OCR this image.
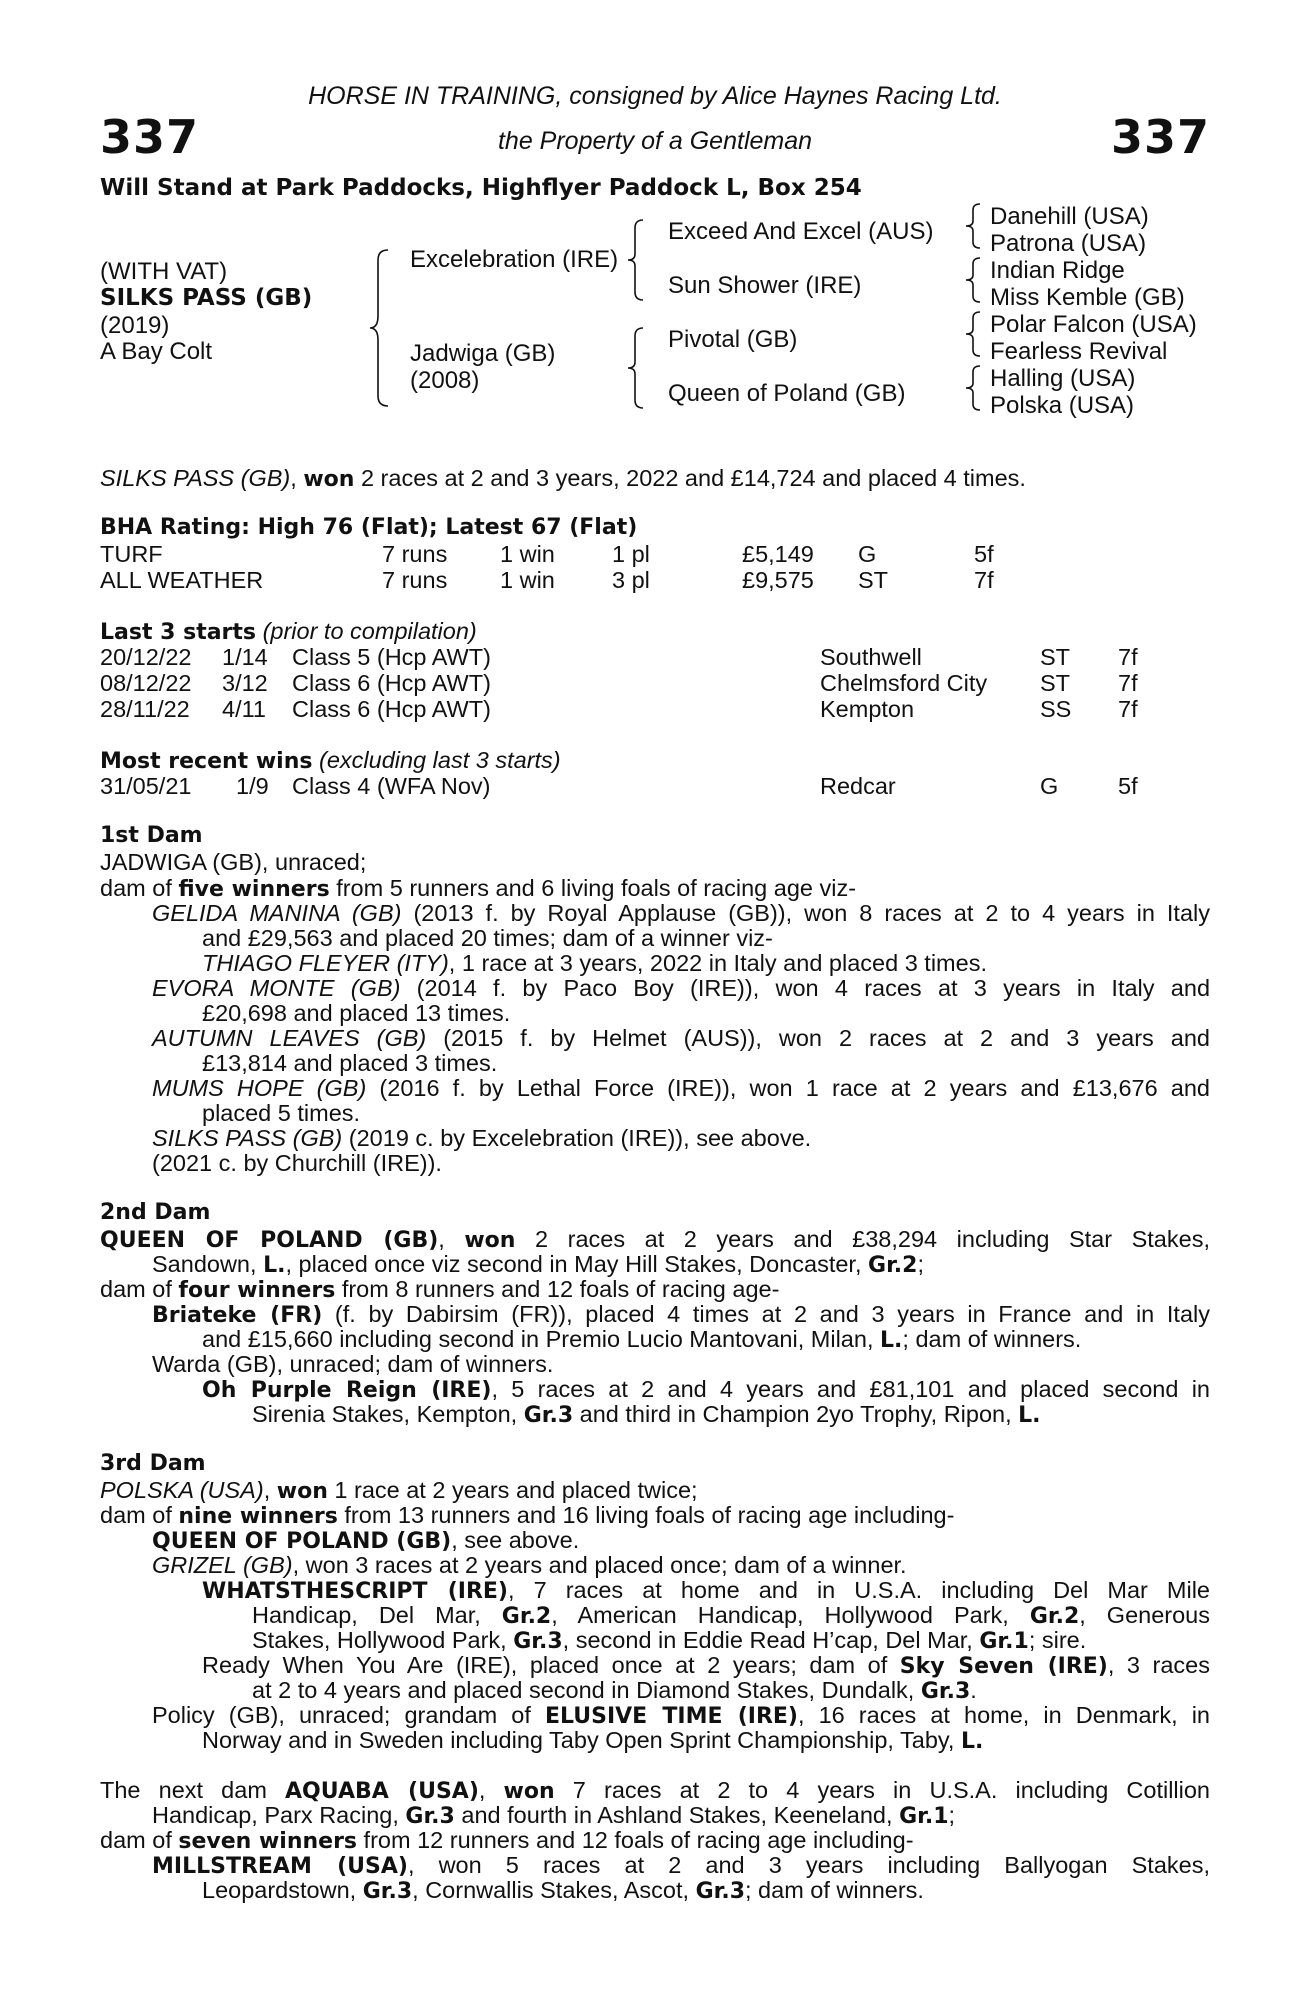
337	337
HORSE IN TRAINING, consigned by Alice Haynes Racing Ltd.
the Property of a Gentleman
Will Stand at Park Paddocks, Highflyer Paddock L, Box 254
(WITH VAT)
SILKS PASS (GB)
(2019)
A Bay Colt
Excelebration (IRE)
Jadwiga (GB)
(2008)
Exceed And Excel (AUS)
Sun Shower (IRE)
Pivotal (GB)
Queen of Poland (GB)
Danehill (USA)
Patrona (USA)
Indian Ridge
Miss Kemble (GB)
Polar Falcon (USA)
Fearless Revival
Halling (USA)
Polska (USA)
SILKS PASS (GB), won 2 races at 2 and 3 years, 2022 and £14,724 and placed 4 times.
BHA Rating: High 76 (Flat); Latest 67 (Flat)
TURF	7 runs 1 win 1 pl	£5,149 G	5f
ALL WEATHER	7 runs 1 win 3 pl	£9,575 ST	7f
Last 3 starts (prior to compilation)
20/12/22 1/14 Class 5 (Hcp AWT)	Southwell	ST 7f
08/12/22 3/12 Class 6 (Hcp AWT)	Chelmsford City ST 7f
28/11/22 4/11 Class 6 (Hcp AWT)	Kempton	SS 7f
Most recent wins (excluding last 3 starts)
31/05/21 1/9 Class 4 (WFA Nov)	Redcar	G	5f
1st Dam
JADWIGA (GB), unraced;
dam of five winners from 5 runners and 6 living foals of racing age viz-
GELIDA MANINA (GB) (2013 f. by Royal Applause (GB)), won 8 races at 2 to 4 years in Italy
and £29,563 and placed 20 times; dam of a winner viz-
THIAGO FLEYER (ITY), 1 race at 3 years, 2022 in Italy and placed 3 times.
EVORA MONTE (GB) (2014 f. by Paco Boy (IRE)), won 4 races at 3 years in Italy and
£20,698 and placed 13 times.
AUTUMN LEAVES (GB) (2015 f. by Helmet (AUS)), won 2 races at 2 and 3 years and
£13,814 and placed 3 times.
MUMS HOPE (GB) (2016 f. by Lethal Force (IRE)), won 1 race at 2 years and £13,676 and
placed 5 times.
SILKS PASS (GB) (2019 c. by Excelebration (IRE)), see above.
(2021 c. by Churchill (IRE)).
2nd Dam
QUEEN OF POLAND (GB), won 2 races at 2 years and £38,294 including Star Stakes,
Sandown, L., placed once viz second in May Hill Stakes, Doncaster, Gr.2;
dam of four winners from 8 runners and 12 foals of racing age-
Briateke (FR) (f. by Dabirsim (FR)), placed 4 times at 2 and 3 years in France and in Italy
and £15,660 including second in Premio Lucio Mantovani, Milan, L.; dam of winners.
Warda (GB), unraced; dam of winners.
Oh Purple Reign (IRE), 5 races at 2 and 4 years and £81,101 and placed second in
Sirenia Stakes, Kempton, Gr.3 and third in Champion 2yo Trophy, Ripon, L.
3rd Dam
POLSKA (USA), won 1 race at 2 years and placed twice;
dam of nine winners from 13 runners and 16 living foals of racing age including-
QUEEN OF POLAND (GB), see above.
GRIZEL (GB), won 3 races at 2 years and placed once; dam of a winner.
WHATSTHESCRIPT (IRE), 7 races at home and in U.S.A. including Del Mar Mile
Handicap, Del Mar, Gr.2, American Handicap, Hollywood Park, Gr.2, Generous
Stakes, Hollywood Park, Gr.3, second in Eddie Read H’cap, Del Mar, Gr.1; sire.
Ready When You Are (IRE), placed once at 2 years; dam of Sky Seven (IRE), 3 races
at 2 to 4 years and placed second in Diamond Stakes, Dundalk, Gr.3.
Policy (GB), unraced; grandam of ELUSIVE TIME (IRE), 16 races at home, in Denmark, in
Norway and in Sweden including Taby Open Sprint Championship, Taby, L.
The next dam AQUABA (USA), won 7 races at 2 to 4 years in U.S.A. including Cotillion
Handicap, Parx Racing, Gr.3 and fourth in Ashland Stakes, Keeneland, Gr.1;
dam of seven winners from 12 runners and 12 foals of racing age including-
MILLSTREAM (USA), won 5 races at 2 and 3 years including Ballyogan Stakes,
Leopardstown, Gr.3, Cornwallis Stakes, Ascot, Gr.3; dam of winners.
